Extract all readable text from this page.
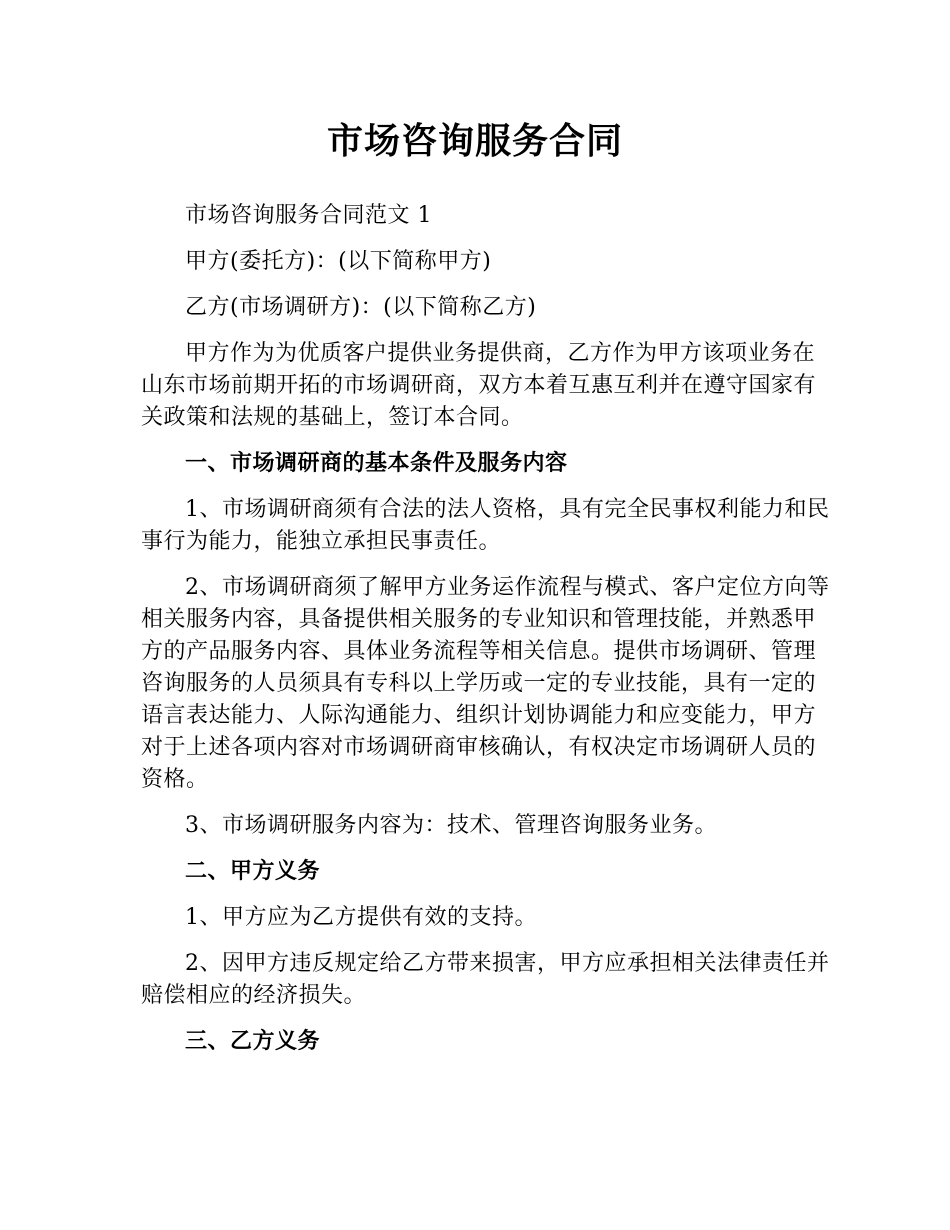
市场咨询服务合同

市场咨询服务合同范文 1

甲方(委托方)：(以下简称甲方)

乙方(市场调研方)：(以下简称乙方)

甲方作为为优质客户提供业务提供商，乙方作为甲方该项业务在山东市场前期开拓的市场调研商，双方本着互惠互利并在遵守国家有关政策和法规的基础上，签订本合同。

一、市场调研商的基本条件及服务内容

1、市场调研商须有合法的法人资格，具有完全民事权利能力和民事行为能力，能独立承担民事责任。

2、市场调研商须了解甲方业务运作流程与模式、客户定位方向等相关服务内容，具备提供相关服务的专业知识和管理技能，并熟悉甲方的产品服务内容、具体业务流程等相关信息。提供市场调研、管理咨询服务的人员须具有专科以上学历或一定的专业技能，具有一定的语言表达能力、人际沟通能力、组织计划协调能力和应变能力，甲方对于上述各项内容对市场调研商审核确认，有权决定市场调研人员的资格。

3、市场调研服务内容为：技术、管理咨询服务业务。

二、甲方义务

1、甲方应为乙方提供有效的支持。

2、因甲方违反规定给乙方带来损害，甲方应承担相关法律责任并赔偿相应的经济损失。

三、乙方义务
